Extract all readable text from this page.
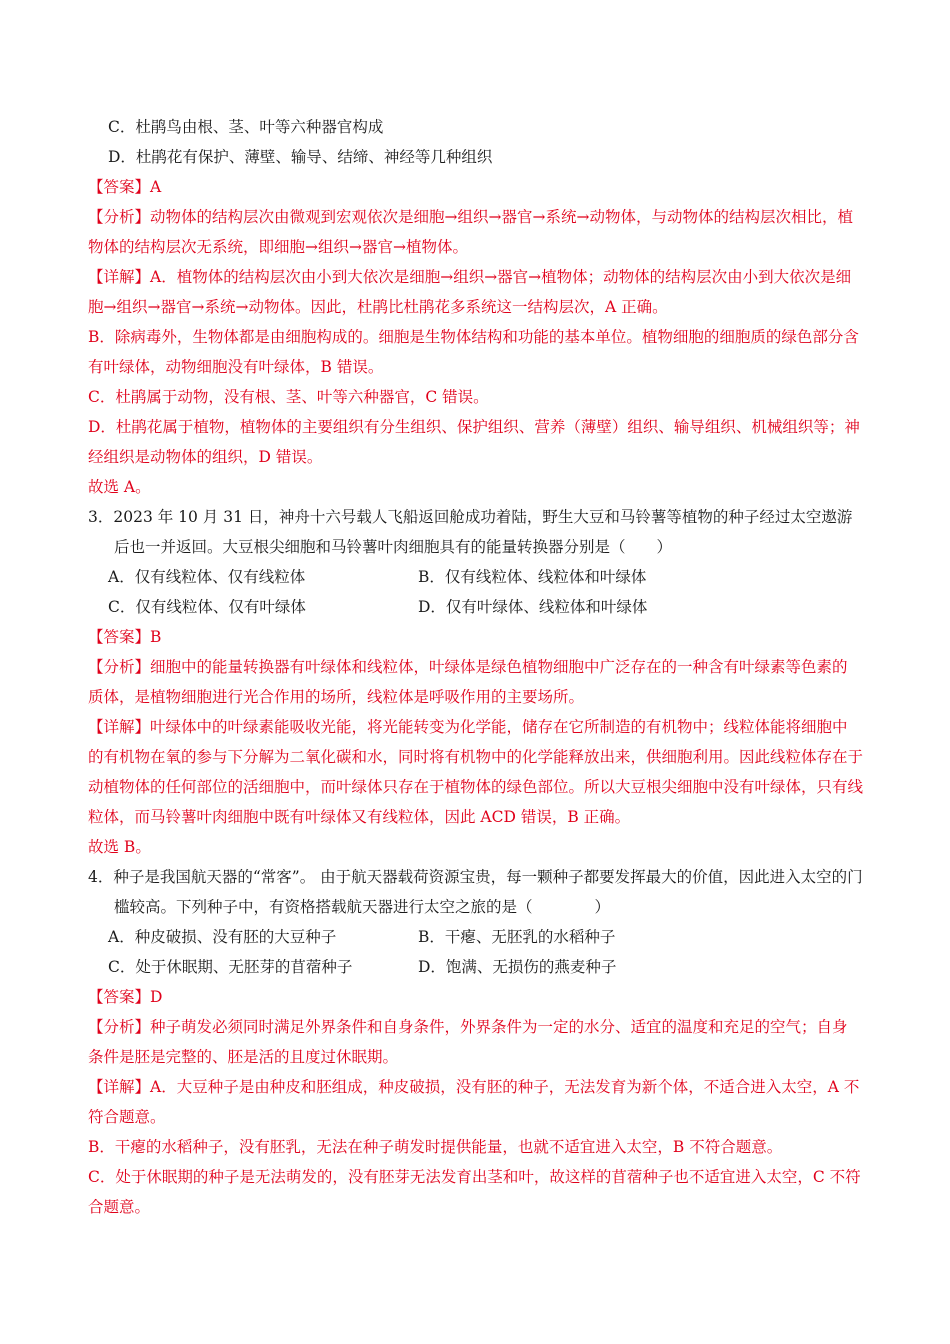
C．杜鹃鸟由根、茎、叶等六种器官构成
D．杜鹃花有保护、薄壁、输导、结缔、神经等几种组织
【答案】A
【分析】动物体的结构层次由微观到宏观依次是细胞→组织→器官→系统→动物体，与动物体的结构层次相比，植物体的结构层次无系统，即细胞→组织→器官→植物体。
【详解】A．植物体的结构层次由小到大依次是细胞→组织→器官→植物体；动物体的结构层次由小到大依次是细胞→组织→器官→系统→动物体。因此，杜鹃比杜鹃花多系统这一结构层次，A 正确。
B．除病毒外，生物体都是由细胞构成的。细胞是生物体结构和功能的基本单位。植物细胞的细胞质的绿色部分含有叶绿体，动物细胞没有叶绿体，B 错误。
C．杜鹃属于动物，没有根、茎、叶等六种器官，C 错误。
D．杜鹃花属于植物，植物体的主要组织有分生组织、保护组织、营养（薄壁）组织、输导组织、机械组织等；神经组织是动物体的组织，D 错误。
故选 A。
3．2023 年 10 月 31 日，神舟十六号载人飞船返回舱成功着陆，野生大豆和马铃薯等植物的种子经过太空遨游后也一并返回。大豆根尖细胞和马铃薯叶肉细胞具有的能量转换器分别是（　　）
A．仅有线粒体、仅有线粒体	B．仅有线粒体、线粒体和叶绿体
C．仅有线粒体、仅有叶绿体	D．仅有叶绿体、线粒体和叶绿体
【答案】B
【分析】细胞中的能量转换器有叶绿体和线粒体，叶绿体是绿色植物细胞中广泛存在的一种含有叶绿素等色素的质体，是植物细胞进行光合作用的场所，线粒体是呼吸作用的主要场所。
【详解】叶绿体中的叶绿素能吸收光能，将光能转变为化学能，储存在它所制造的有机物中；线粒体能将细胞中的有机物在氧的参与下分解为二氧化碳和水，同时将有机物中的化学能释放出来，供细胞利用。因此线粒体存在于动植物体的任何部位的活细胞中，而叶绿体只存在于植物体的绿色部位。所以大豆根尖细胞中没有叶绿体，只有线粒体，而马铃薯叶肉细胞中既有叶绿体又有线粒体，因此 ACD 错误，B 正确。
故选 B。
4．种子是我国航天器的“常客”。 由于航天器载荷资源宝贵，每一颗种子都要发挥最大的价值，因此进入太空的门槛较高。下列种子中，有资格搭载航天器进行太空之旅的是（　　　　）
A．种皮破损、没有胚的大豆种子	B．干瘪、无胚乳的水稻种子
C．处于休眠期、无胚芽的苜蓿种子	D．饱满、无损伤的燕麦种子
【答案】D
【分析】种子萌发必须同时满足外界条件和自身条件，外界条件为一定的水分、适宜的温度和充足的空气；自身条件是胚是完整的、胚是活的且度过休眠期。
【详解】A．大豆种子是由种皮和胚组成，种皮破损，没有胚的种子，无法发育为新个体，不适合进入太空，A 不符合题意。
B．干瘪的水稻种子，没有胚乳，无法在种子萌发时提供能量，也就不适宜进入太空，B 不符合题意。
C．处于休眠期的种子是无法萌发的，没有胚芽无法发育出茎和叶，故这样的苜蓿种子也不适宜进入太空，C 不符合题意。
